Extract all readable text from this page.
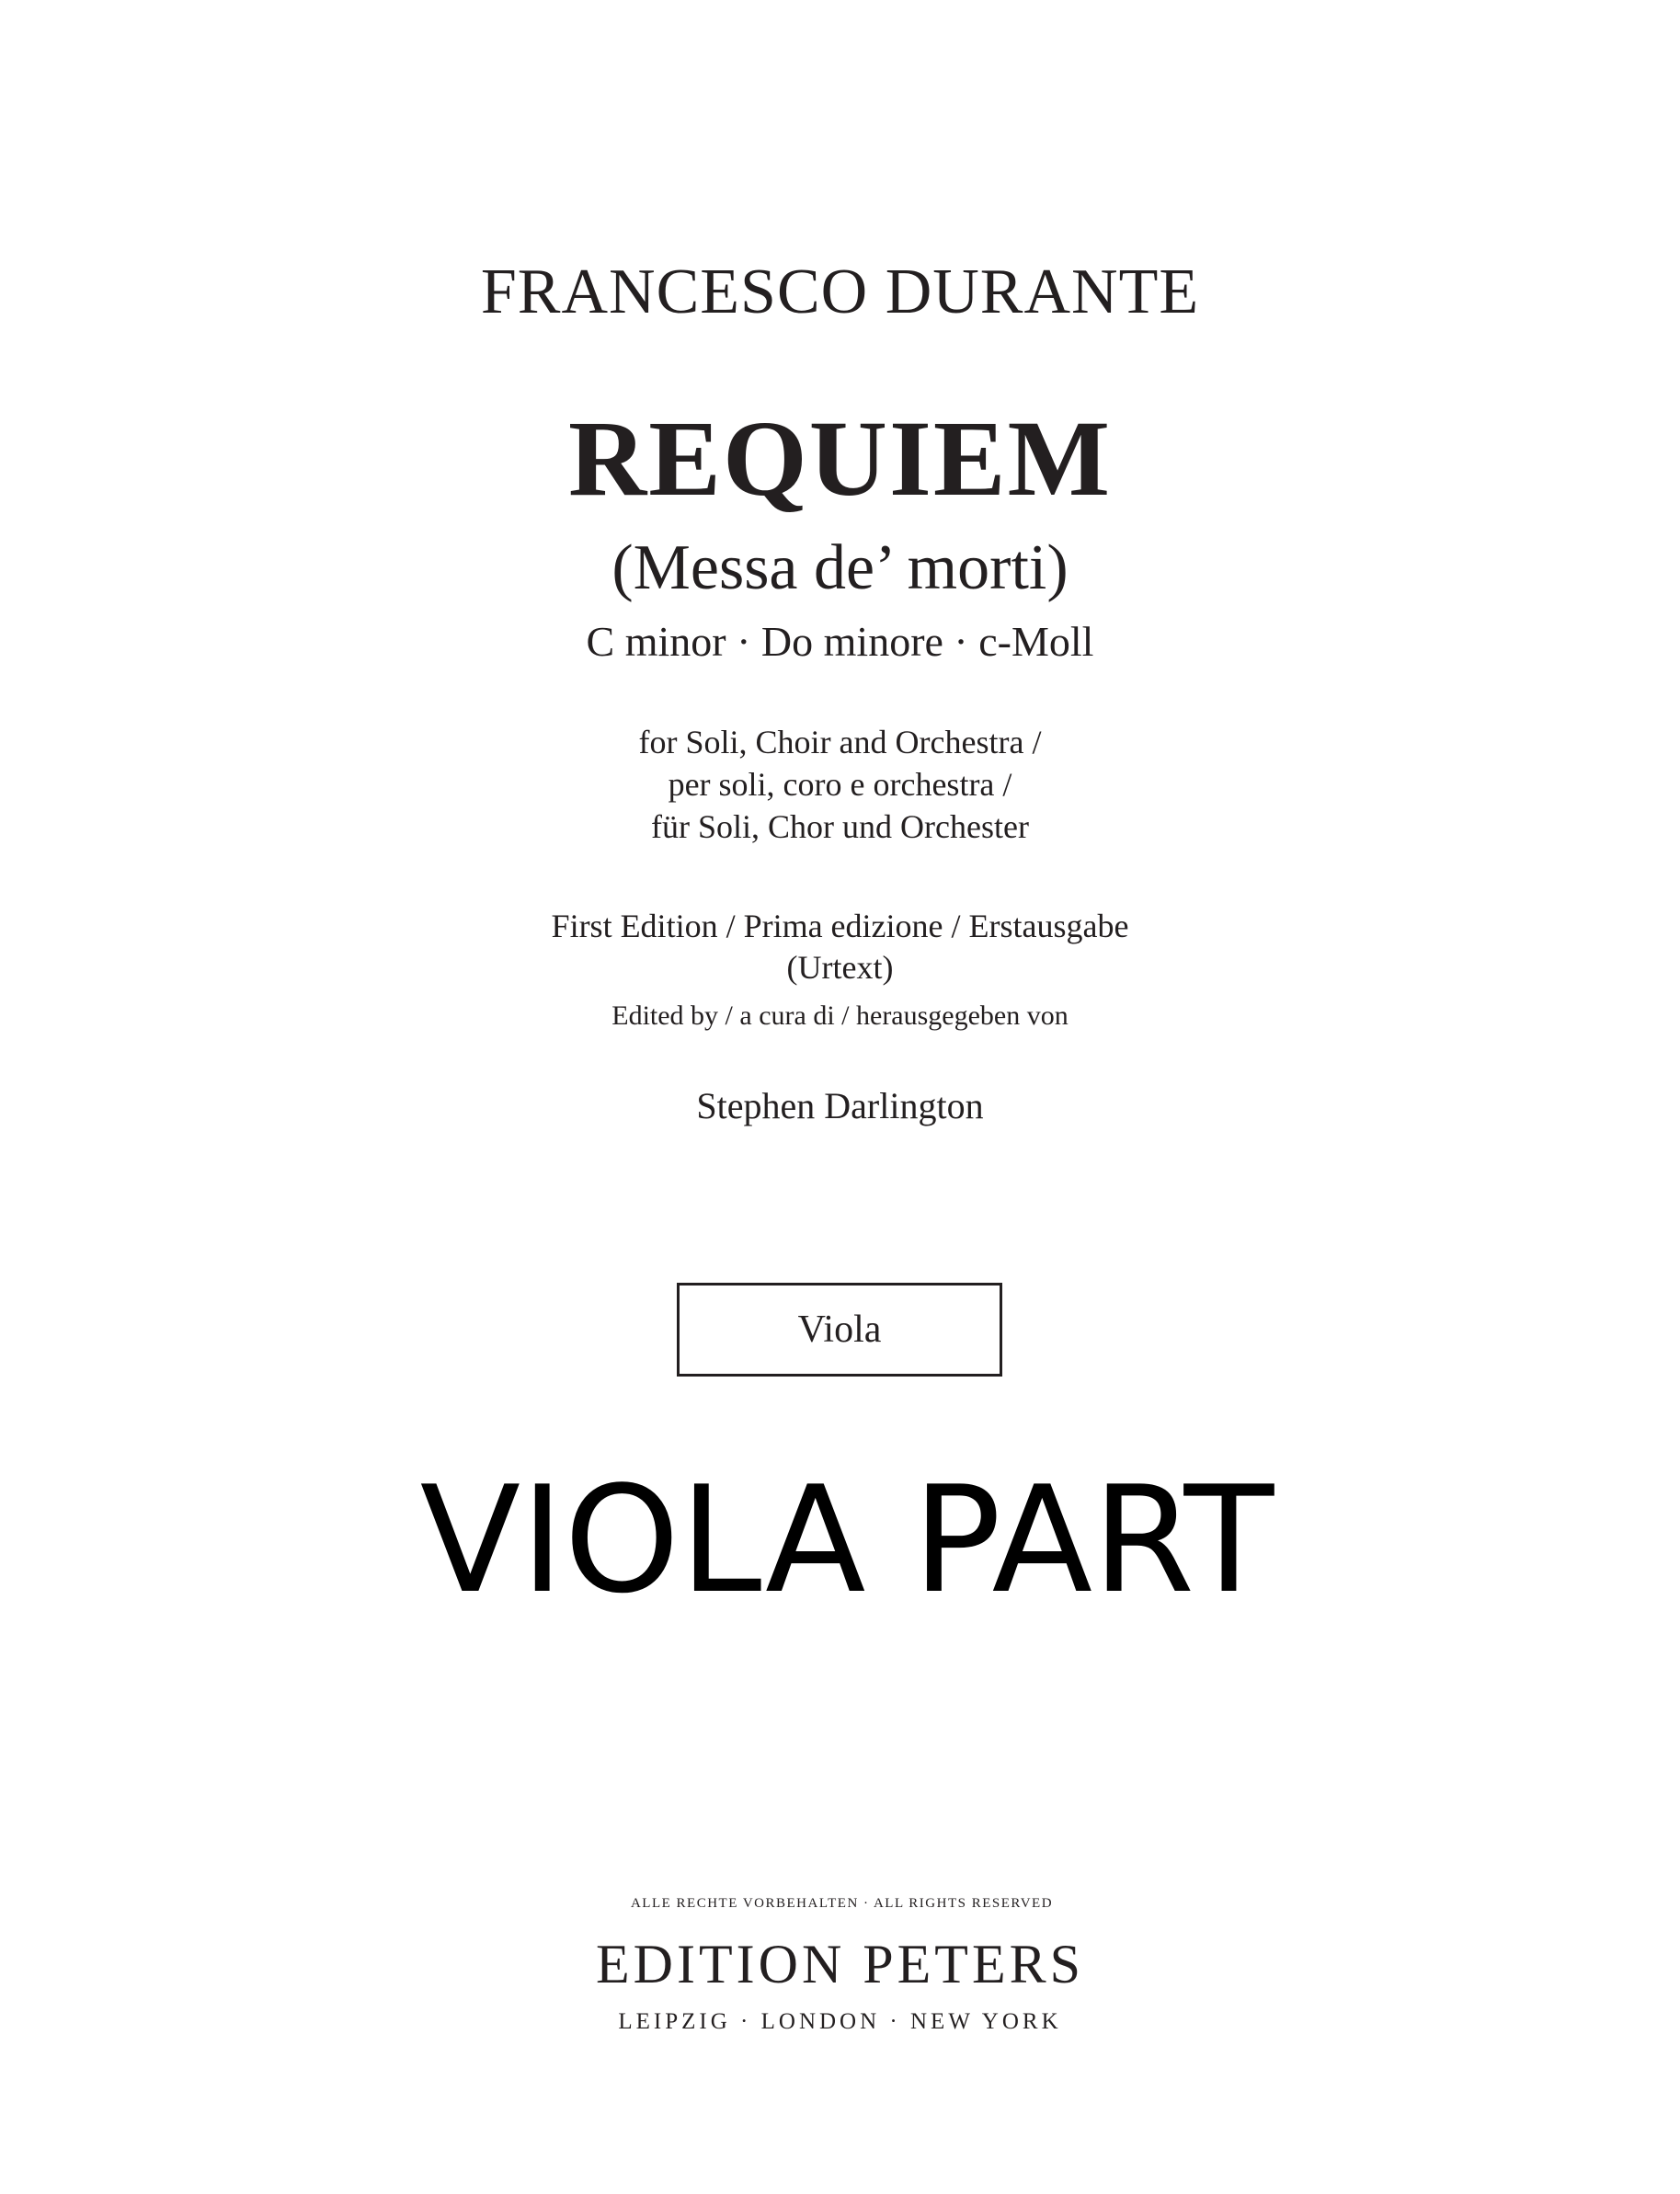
FRANCESCO DURANTE
REQUIEM
(Messa de’ morti)
C minor · Do minore · c-Moll
for Soli, Choir and Orchestra /
per soli, coro e orchestra /
für Soli, Chor und Orchester
First Edition / Prima edizione / Erstausgabe
(Urtext)
Edited by / a cura di / herausgegeben von
Stephen Darlington
Viola
VIOLA PART
ALLE RECHTE VORBEHALTEN · ALL RIGHTS RESERVED
EDITION PETERS
LEIPZIG · LONDON · NEW YORK
